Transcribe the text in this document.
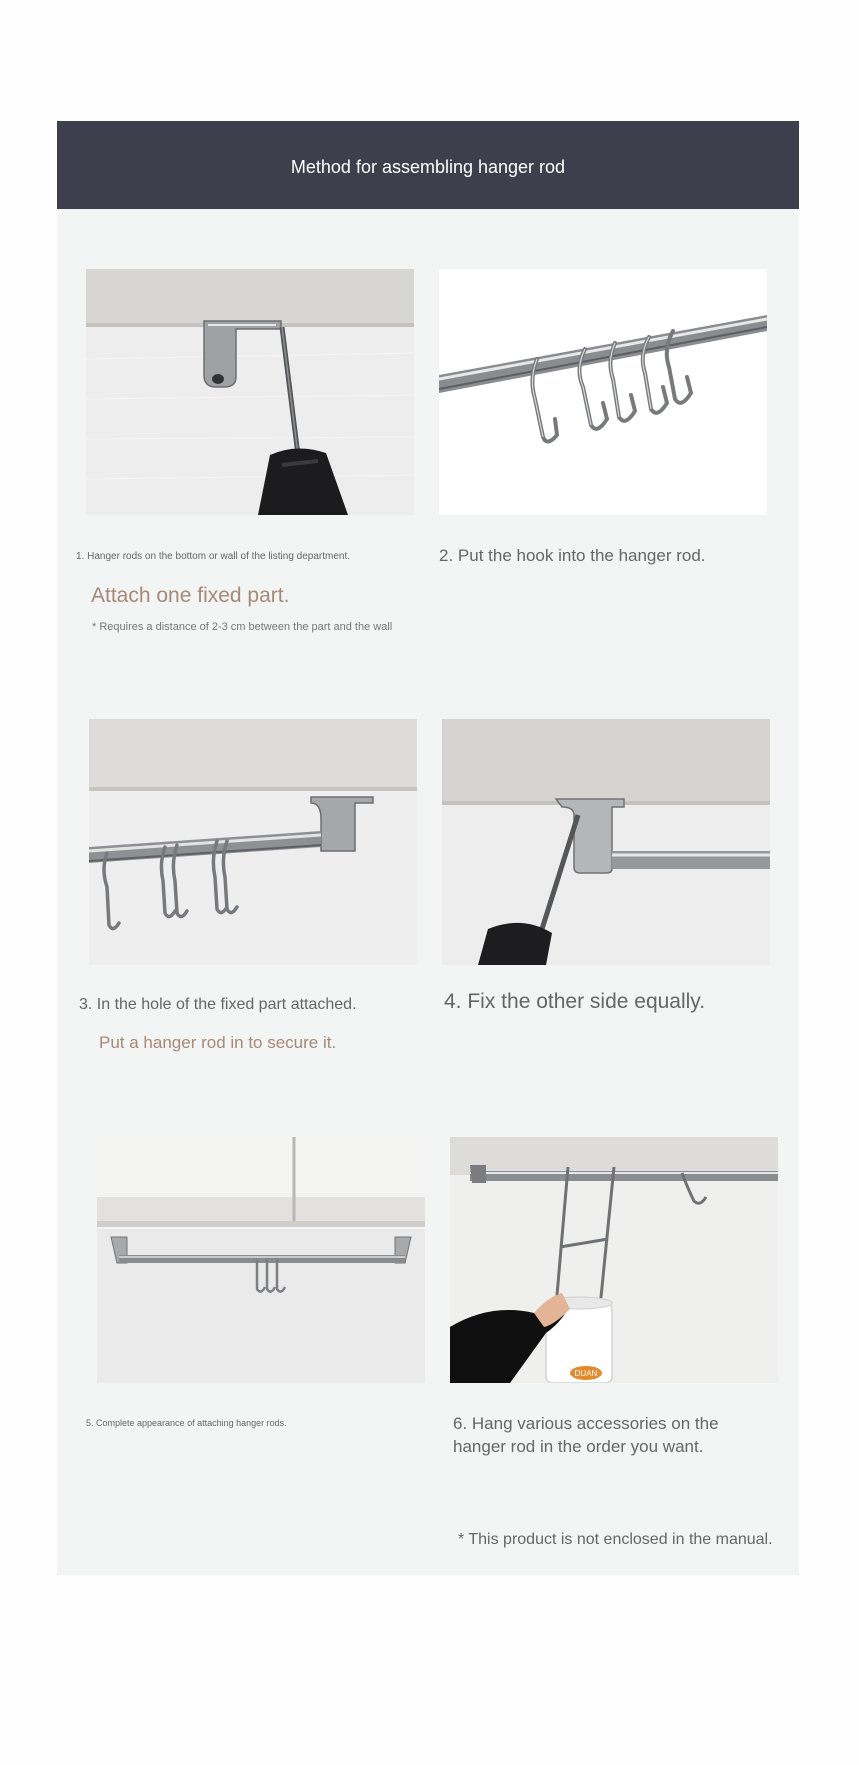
Method for assembling hanger rod
1. Hanger rods on the bottom or wall of the listing department.
Attach one fixed part.
* Requires a distance of 2-3 cm between the part and the wall
2. Put the hook into the hanger rod.
3. In the hole of the fixed part attached.
Put a hanger rod in to secure it.
4. Fix the other side equally.
DUAN
5. Complete appearance of attaching hanger rods.	6. Hang various accessories on the
hanger rod in the order you want.
* This product is not enclosed in the manual.
